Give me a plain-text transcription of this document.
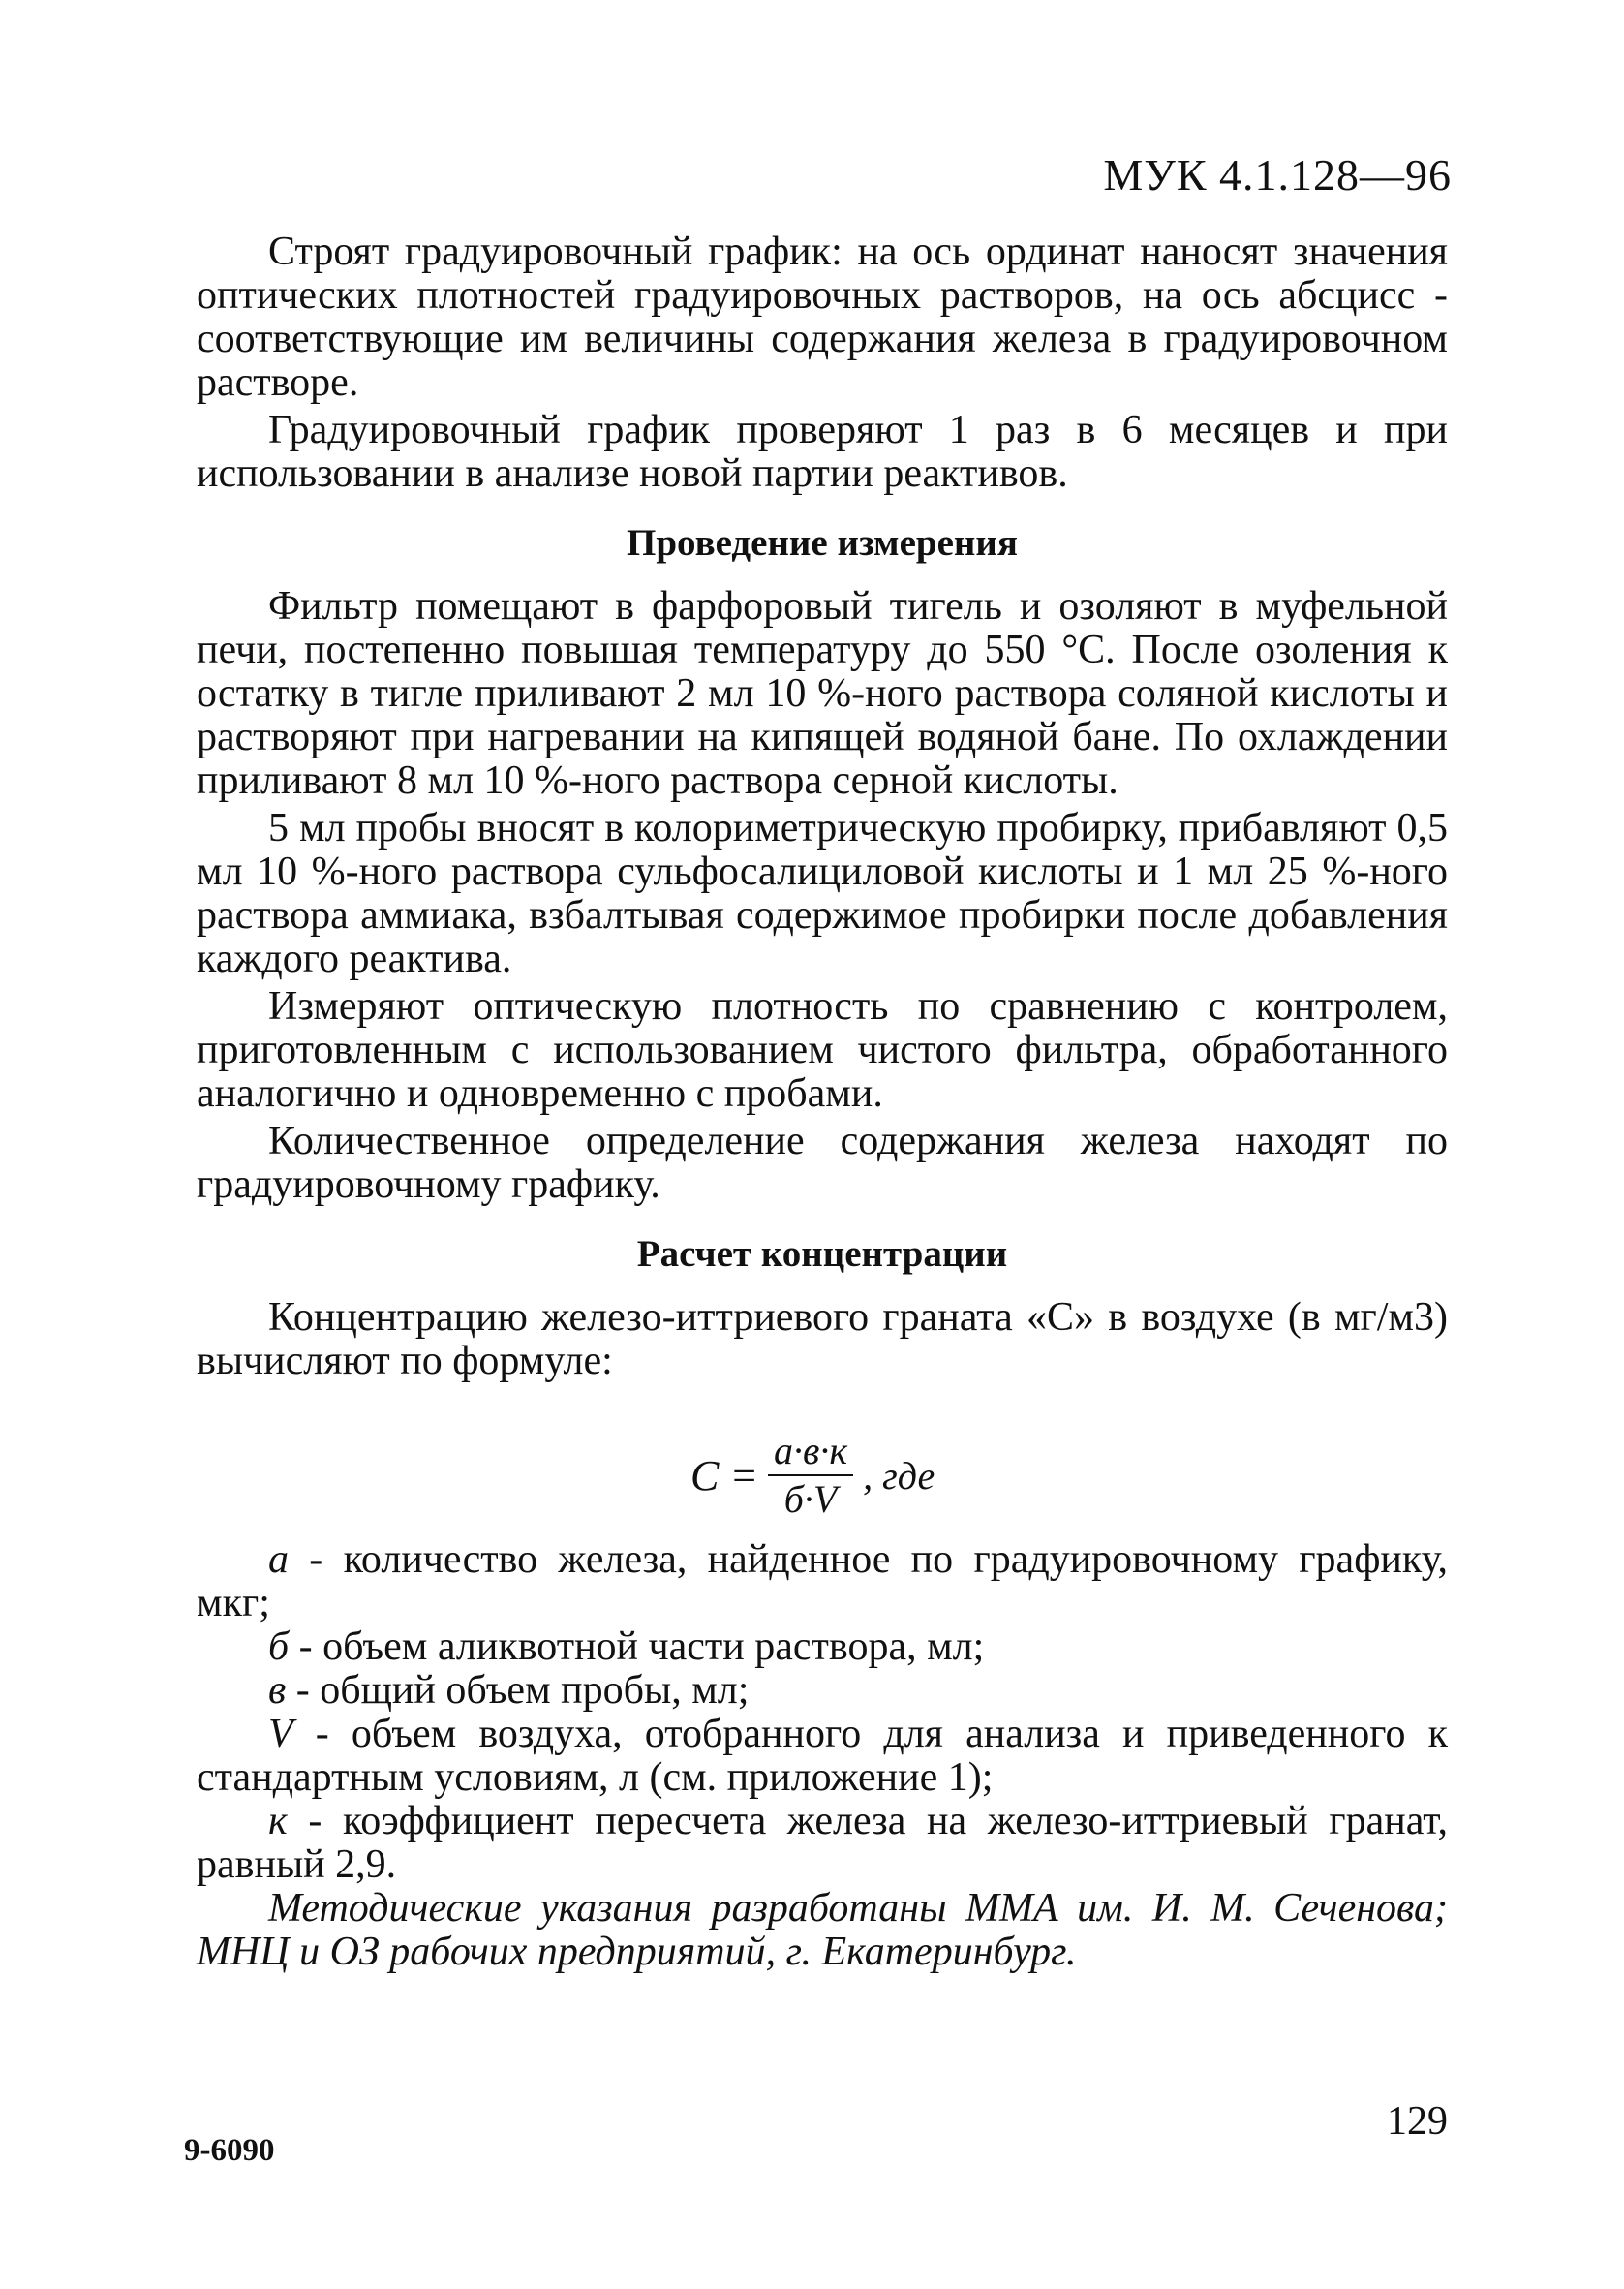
МУК 4.1.128—96

Строят градуировочный график: на ось ординат наносят значения оптических плотностей градуировочных растворов, на ось абсцисс - соответствующие им величины содержания железа в градуировочном растворе.

Градуировочный график проверяют 1 раз в 6 месяцев и при использовании в анализе новой партии реактивов.

Проведение измерения

Фильтр помещают в фарфоровый тигель и озоляют в муфельной печи, постепенно повышая температуру до 550 °С. После озоления к остатку в тигле приливают 2 мл 10 %-ного раствора соляной кислоты и растворяют при нагревании на кипящей водяной бане. По охлаждении приливают 8 мл 10 %-ного раствора серной кислоты.

5 мл пробы вносят в колориметрическую пробирку, прибавляют 0,5 мл 10 %-ного раствора сульфосалициловой кислоты и 1 мл 25 %-ного раствора аммиака, взбалтывая содержимое пробирки после добавления каждого реактива.

Измеряют оптическую плотность по сравнению с контролем, приготовленным с использованием чистого фильтра, обработанного аналогично и одновременно с пробами.

Количественное определение содержания железа находят по градуировочному графику.

Расчет концентрации

Концентрацию железо-иттриевого граната «С» в воздухе (в мг/м3) вычисляют по формуле:

$С = \frac{а\cdot в\cdot к}{б\cdot V}$ , где

а - количество железа, найденное по градуировочному графику, мкг;

б - объем аликвотной части раствора, мл;

в - общий объем пробы, мл;

V - объем воздуха, отобранного для анализа и приведенного к стандартным условиям, л (см. приложение 1);

к - коэффициент пересчета железа на железо-иттриевый гранат, равный 2,9.

Методические указания разработаны ММА им. И. М. Сеченова; МНЦ и ОЗ рабочих предприятий, г. Екатеринбург.

9-6090
129
